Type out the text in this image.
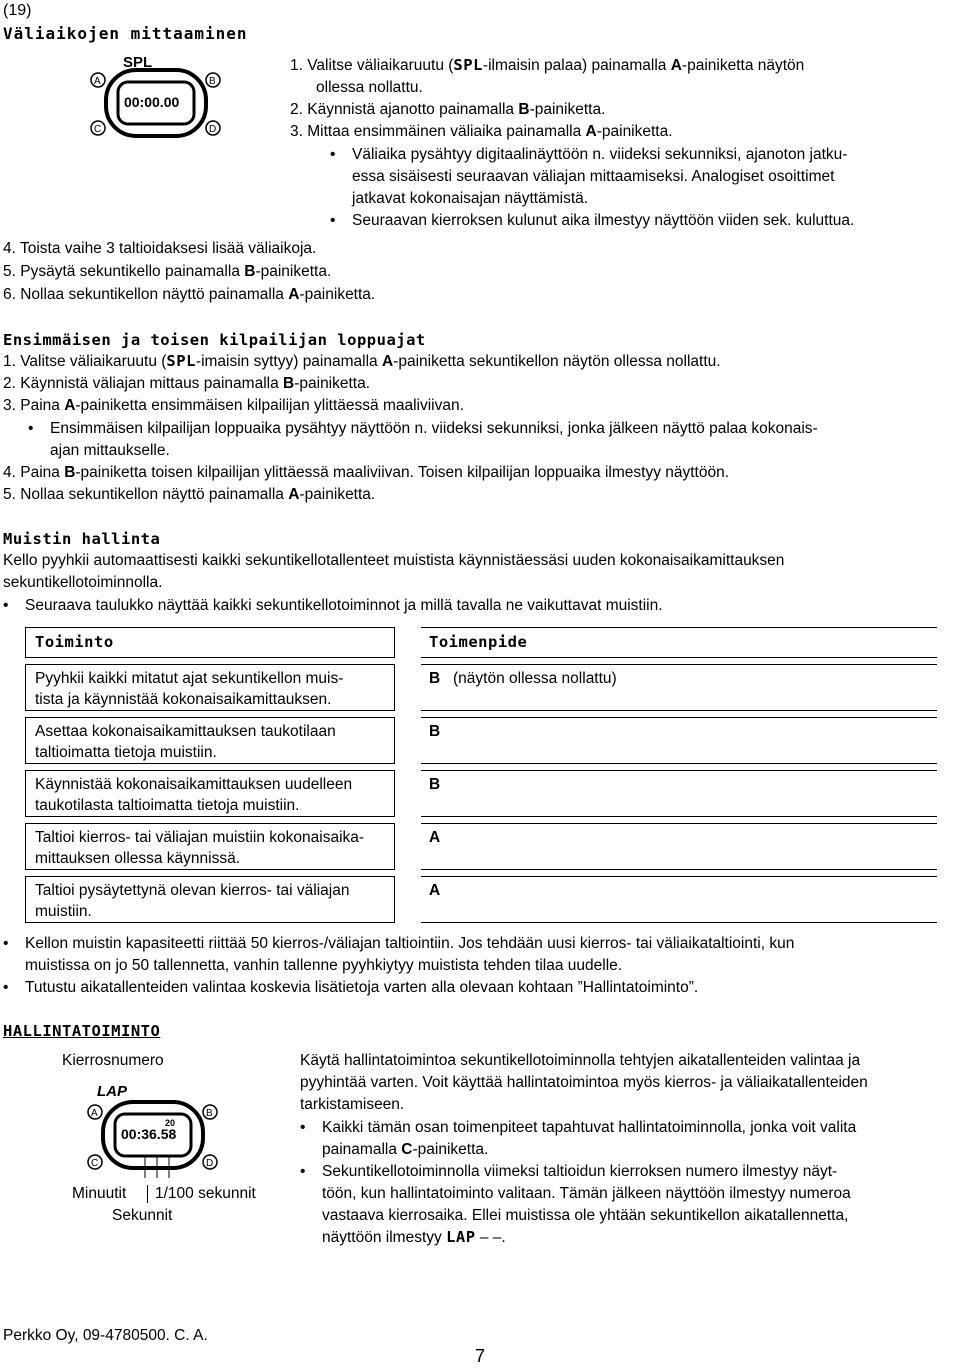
(19)
Väliaikojen mittaaminen
SPL
00:00.00
A	B
C	D
1. Valitse väliaikaruutu (SPL-ilmaisin palaa) painamalla A-painiketta näytön
ollessa nollattu.
2. Käynnistä ajanotto painamalla B-painiketta.
3. Mittaa ensimmäinen väliaika painamalla A-painiketta.
• Väliaika pysähtyy digitaalinäyttöön n. viideksi sekunniksi, ajanoton jatku-
essa sisäisesti seuraavan väliajan mittaamiseksi. Analogiset osoittimet
jatkavat kokonaisajan näyttämistä.
• Seuraavan kierroksen kulunut aika ilmestyy näyttöön viiden sek. kuluttua.
4. Toista vaihe 3 taltioidaksesi lisää väliaikoja.
5. Pysäytä sekuntikello painamalla B-painiketta.
6. Nollaa sekuntikellon näyttö painamalla A-painiketta.
Ensimmäisen ja toisen kilpailijan loppuajat
1. Valitse väliaikaruutu (SPL-imaisin syttyy) painamalla A-painiketta sekuntikellon näytön ollessa nollattu.
2. Käynnistä väliajan mittaus painamalla B-painiketta.
3. Paina A-painiketta ensimmäisen kilpailijan ylittäessä maaliviivan.
• Ensimmäisen kilpailijan loppuaika pysähtyy näyttöön n. viideksi sekunniksi, jonka jälkeen näyttö palaa kokonais-
ajan mittaukselle.
4. Paina B-painiketta toisen kilpailijan ylittäessä maaliviivan. Toisen kilpailijan loppuaika ilmestyy näyttöön.
5. Nollaa sekuntikellon näyttö painamalla A-painiketta.
Muistin hallinta
Kello pyyhkii automaattisesti kaikki sekuntikellotallenteet muistista käynnistäessäsi uuden kokonaisaikamittauksen
sekuntikellotoiminnolla.
• Seuraava taulukko näyttää kaikki sekuntikellotoiminnot ja millä tavalla ne vaikuttavat muistiin.
Toiminto	Toimenpide
Pyyhkii kaikki mitatut ajat sekuntikellon muis-
tista ja käynnistää kokonaisaikamittauksen.
B (näytön ollessa nollattu)
Asettaa kokonaisaikamittauksen taukotilaan
taltioimatta tietoja muistiin.
B
Käynnistää kokonaisaikamittauksen uudelleen
taukotilasta taltioimatta tietoja muistiin.
B
Taltioi kierros- tai väliajan muistiin kokonaisaika-
mittauksen ollessa käynnissä.
A
Taltioi pysäytettynä olevan kierros- tai väliajan
muistiin.
A
• Kellon muistin kapasiteetti riittää 50 kierros-/väliajan taltiointiin. Jos tehdään uusi kierros- tai väliaikataltiointi, kun
muistissa on jo 50 tallennetta, vanhin tallenne pyyhkiytyy muistista tehden tilaa uudelle.
• Tutustu aikatallenteiden valintaa koskevia lisätietoja varten alla olevaan kohtaan ”Hallintatoiminto”.
HALLINTATOIMINTO
Kierrosnumero
LAP
00:36.58
20
A	B
C	D
Minuutit 1/100 sekunnit
Sekunnit
Käytä hallintatoimintoa sekuntikellotoiminnolla tehtyjen aikatallenteiden valintaa ja
pyyhintää varten. Voit käyttää hallintatoimintoa myös kierros- ja väliaikatallenteiden
tarkistamiseen.
• Kaikki tämän osan toimenpiteet tapahtuvat hallintatoiminnolla, jonka voit valita
painamalla C-painiketta.
• Sekuntikellotoiminnolla viimeksi taltioidun kierroksen numero ilmestyy näyt-
töön, kun hallintatoiminto valitaan. Tämän jälkeen näyttöön ilmestyy numeroa
vastaava kierrosaika. Ellei muistissa ole yhtään sekuntikellon aikatallennetta,
näyttöön ilmestyy LAP – –.
Perkko Oy, 09-4780500. C. A.
7
